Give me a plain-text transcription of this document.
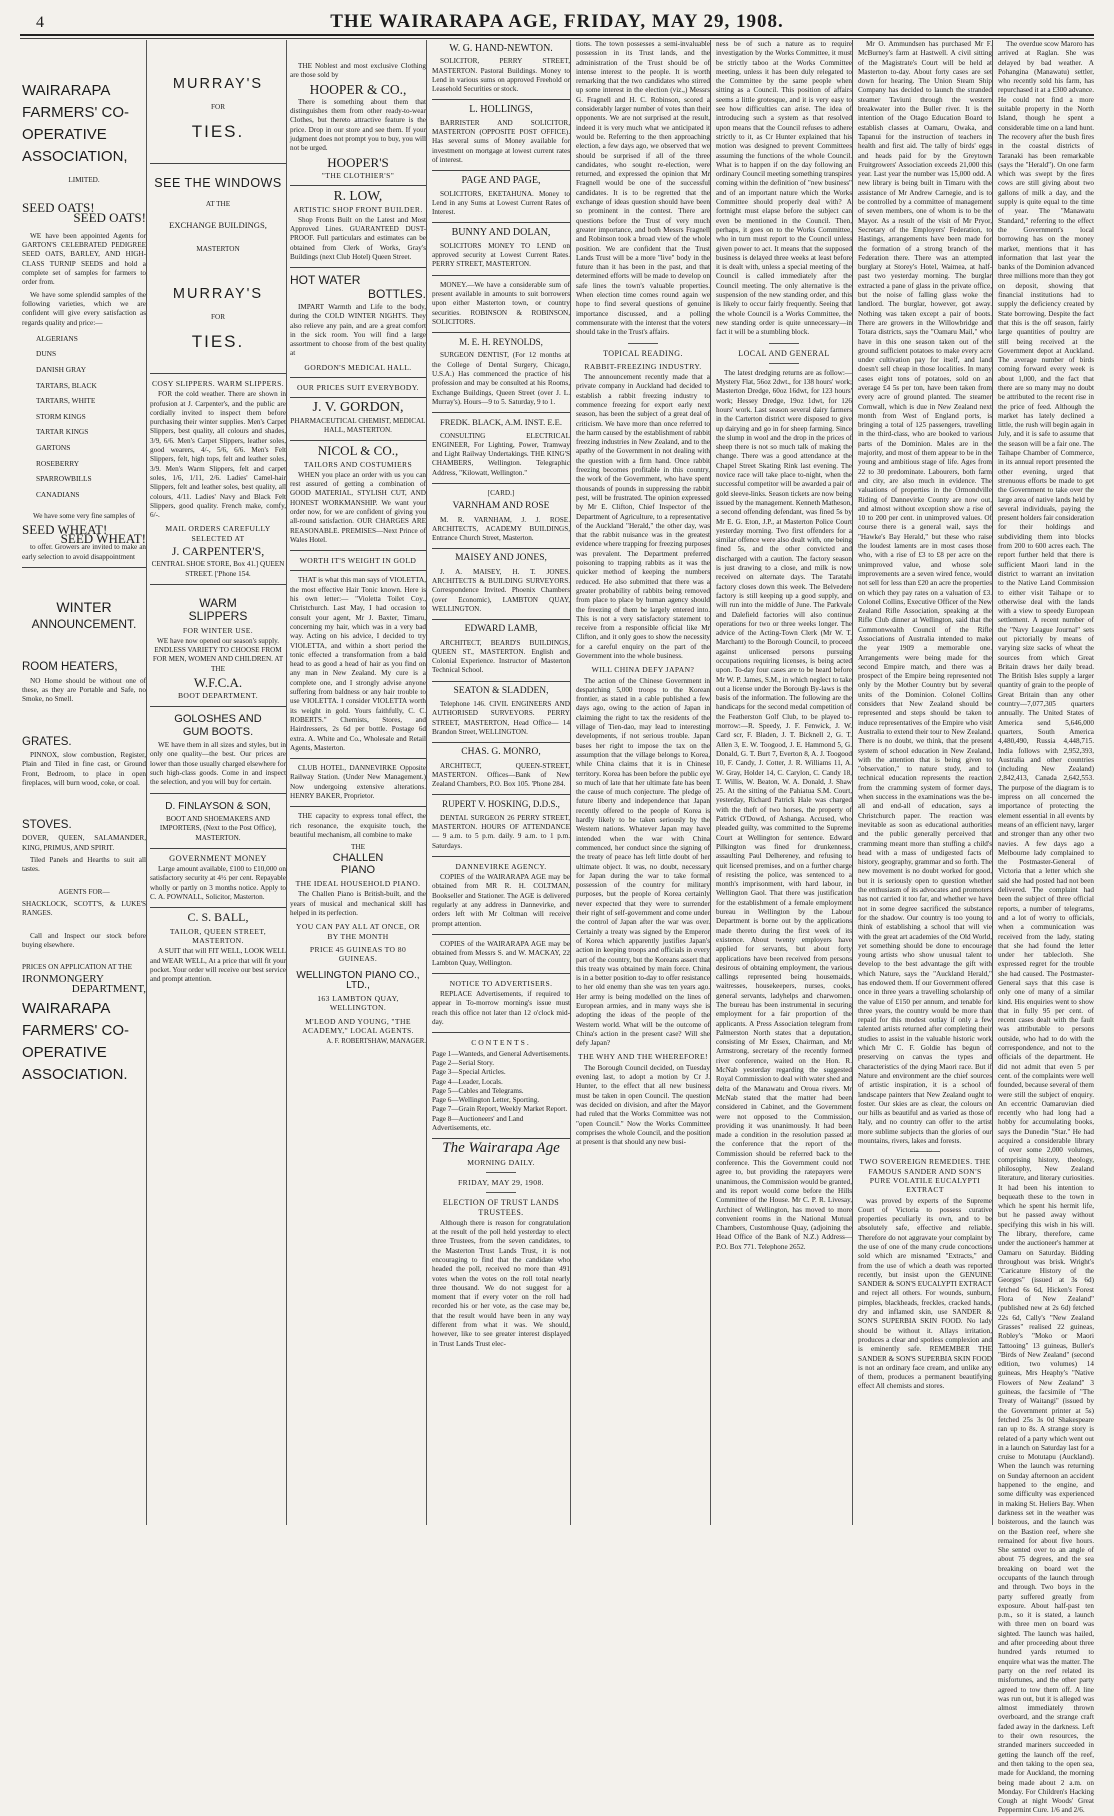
4	THE WAIRARAPA AGE, FRIDAY, MAY 29, 1908.
WAIRARAPA FARMERS' CO-OPERATIVE ASSOCIATION,
LIMITED.
SEED OATS!
SEED OATS!

WE have been appointed Agents for GARTON'S CELEBRATED PEDIGREE SEED OATS, BARLEY, AND HIGH-CLASS TURNIP SEEDS and hold a complete set of samples for farmers to order from.

We have some splendid samples of the following varieties, which we are confident will give every satisfaction as regards quality and price:—

ALGERIANS
DUNS
DANISH GRAY
TARTARS, BLACK
TARTARS, WHITE
STORM KINGS
TARTAR KINGS
GARTONS
ROSEBERRY
SPARROWBILLS
CANADIANS

We have some very fine samples of

SEED WHEAT!
SEED WHEAT!

to offer. Growers are invited to make an early selection to avoid disappointment

WINTER
ANNOUNCEMENT.
ROOM HEATERS,

NO Home should be without one of these, as they are Portable and Safe, no Smoke, no Smell.

GRATES.

PINNOX, slow combustion, Register, Plain and Tiled in fine cast, or Ground Front, Bedroom, to place in open fireplaces, will burn wood, coke, or coal.

STOVES.

DOVER, QUEEN, SALAMANDER, KING, PRIMUS, AND SPIRIT.

Tiled Panels and Hearths to suit all tastes.

AGENTS FOR—

SHACKLOCK, SCOTT'S, & LUKE'S RANGES.

Call and Inspect our stock before buying elsewhere.

PRICES ON APPLICATION AT THE

IRONMONGERY
DEPARTMENT,
WAIRARAPA FARMERS' CO-OPERATIVE ASSOCIATION.
MURRAY'S
FOR
TIES.
SEE THE WINDOWS
AT THE
EXCHANGE BUILDINGS,
MASTERTON
MURRAY'S
FOR
TIES.
COSY SLIPPERS. WARM SLIPPERS.

FOR the cold weather. There are shown in profusion at J. Carpenter's, and the public are cordially invited to inspect them before purchasing their winter supplies. Men's Carpet Slippers, best quality, all colours and shades, 3/9, 6/6. Men's Carpet Slippers, leather soles, good wearers, 4/-, 5/6, 6/6. Men's Felt Slippers, felt, high tops, felt and leather soles, 3/9. Men's Warm Slippers, felt and carpet soles, 1/6, 1/11, 2/6. Ladies' Camel-hair Slippers, felt and leather soles, best quality, all colours, 4/11. Ladies' Navy and Black Felt Slippers, good quality. French make, comfy, 6/-.

MAIL ORDERS CAREFULLY SELECTED AT
J. CARPENTER'S,

CENTRAL SHOE STORE, Box 41.] QUEEN STREET. ['Phone 154.

WARM
SLIPPERS
FOR WINTER USE.

WE have now opened our season's supply. ENDLESS VARIETY TO CHOOSE FROM FOR MEN, WOMEN AND CHILDREN. AT THE

W.F.C.A.
BOOT DEPARTMENT.
GOLOSHES AND
GUM BOOTS.

WE have them in all sizes and styles, but in only one quality—the best. Our prices are lower than those usually charged elsewhere for such high-class goods. Come in and inspect the selection, and you will buy for certain.

D. FINLAYSON & SON,

BOOT AND SHOEMAKERS AND IMPORTERS, (Next to the Post Office), MASTERTON.

GOVERNMENT MONEY

Large amount available, £100 to £10,000 on satisfactory security at 4½ per cent. Repayable wholly or partly on 3 months notice. Apply to C. A. POWNALL, Solicitor, Masterton.

C. S. BALL,
TAILOR, QUEEN STREET, MASTERTON.

A SUIT that will FIT WELL, LOOK WELL and WEAR WELL, At a price that will fit your pocket. Your order will receive our best service and prompt attention.

THE Noblest and most exclusive Clothing are those sold by

HOOPER & CO.,

There is something about them that distinguishes them from other ready-to-wear Clothes, but thereto attractive feature is the price. Drop in our store and see them. If your judgment does not prompt you to buy, you will not be urged.

HOOPER'S
"THE CLOTHIER'S"
R. LOW,
ARTISTIC SHOP FRONT BUILDER.

Shop Fronts Built on the Latest and Most Approved Lines. GUARANTEED DUST-PROOF. Full particulars and estimates can be obtained from Clerk of Works, Gray's Buildings (next Club Hotel) Queen Street.

HOT WATER
BOTTLES.

IMPART Warmth and Life to the body, during the COLD WINTER NIGHTS. They also relieve any pain, and are a great comfort in the sick room. You will find a large assortment to choose from of the best quality at

GORDON'S MEDICAL HALL.
OUR PRICES SUIT EVERYBODY.
J. V. GORDON,

PHARMACEUTICAL CHEMIST, MEDICAL HALL, MASTERTON.

NICOL & CO.,
TAILORS AND COSTUMIERS

WHEN you place an order with us you can rest assured of getting a combination of GOOD MATERIAL, STYLISH CUT, AND HONEST WORKMANSHIP. We want your order now, for we are confident of giving you all-round satisfaction. OUR CHARGES ARE REASONABLE. PREMISES—Next Prince of Wales Hotel.

WORTH IT'S WEIGHT IN GOLD

THAT is what this man says of VIOLETTA, the most effective Hair Tonic known. Here is his own letter:— "Violetta Toilet Coy., Christchurch. Last May, I had occasion to consult your agent, Mr J. Baxter, Timaru, concerning my hair, which was in a very bad way. Acting on his advice, I decided to try VIOLETTA, and within a short period the tonic effected a transformation from a bald head to as good a head of hair as you find on any man in New Zealand. My cure is a complete one, and I strongly advise anyone suffering from baldness or any hair trouble to use VIOLETTA. I consider VIOLETTA worth its weight in gold. Yours faithfully, C. C. ROBERTS." Chemists, Stores, and Hairdressers, 2s 6d per bottle. Postage 6d extra. A. White and Co., Wholesale and Retail Agents, Masterton.

CLUB HOTEL, DANNEVIRKE Opposite Railway Station. (Under New Management.) Now undergoing extensive alterations. HENRY BAKER, Proprietor.

THE capacity to express tonal effect, the rich resonance, the exquisite touch, the beautiful mechanism, all combine to make

THE
CHALLEN
PIANO
THE IDEAL HOUSEHOLD PIANO.

The Challen Piano is British-built, and the years of musical and mechanical skill has helped in its perfection.

YOU CAN PAY ALL AT ONCE, OR BY THE MONTH
PRICE 45 GUINEAS TO 80 GUINEAS.
WELLINGTON PIANO CO., LTD.,
163 LAMBTON QUAY, WELLINGTON.
M'LEOD AND YOUNG, "THE ACADEMY," LOCAL AGENTS.
A. F. ROBERTSHAW, MANAGER.
W. G. HAND-NEWTON.

SOLICITOR, PERRY STREET, MASTERTON. Pastoral Buildings. Money to Lend in various sums on approved Freehold or Leasehold Securities or stock.

L. HOLLINGS,

BARRISTER AND SOLICITOR, MASTERTON (OPPOSITE POST OFFICE). Has several sums of Money available for investment on mortgage at lowest current rates of interest.

PAGE AND PAGE,

SOLICITORS, EKETAHUNA. Money to Lend in any Sums at Lowest Current Rates of Interest.

BUNNY AND DOLAN,

SOLICITORS MONEY TO LEND on approved security at Lowest Current Rates. PERRY STREET, MASTERTON.

MONEY.—We have a considerable sum of present available in amounts to suit borrowers upon either Masterton town, or country securities. ROBINSON & ROBINSON, SOLICITORS.

M. E. H. REYNOLDS,

SURGEON DENTIST, (For 12 months at the College of Dental Surgery, Chicago, U.S.A.) Has commenced the practice of his profession and may be consulted at his Rooms, Exchange Buildings, Queen Street (over J. L. Murray's). Hours—9 to 5. Saturday, 9 to 1.

FREDK. BLACK, A.M. INST. E.E.

CONSULTING ELECTRICAL ENGINEER, For Lighting, Power, Tramway and Light Railway Undertakings. THE KING'S CHAMBERS, Wellington. Telegraphic Address, "Kilowatt, Wellington."

[CARD.]
VARNHAM AND ROSE

M. R. VARNHAM, J. J. ROSE. ARCHITECTS, ACADEMY BUILDINGS, Entrance Church Street, Masterton.

MAISEY AND JONES,

J. A. MAISEY, H. T. JONES. ARCHITECTS & BUILDING SURVEYORS. Correspondence Invited. Phoenix Chambers (over Economic), LAMBTON QUAY, WELLINGTON.

EDWARD LAMB,

ARCHITECT, BEARD'S BUILDINGS, QUEEN ST., MASTERTON. English and Colonial Experience. Instructor of Masterton Technical School.

SEATON & SLADDEN,

Telephone 146. CIVIL ENGINEERS AND AUTHORISED SURVEYORS. PERRY STREET, MASTERTON, Head Office— 14 Brandon Street, WELLINGTON.

CHAS. G. MONRO,

ARCHITECT, QUEEN-STREET, MASTERTON. Offices—Bank of New Zealand Chambers, P.O. Box 105. 'Phone 284.

RUPERT V. HOSKING, D.D.S.,

DENTAL SURGEON 26 PERRY STREET, MASTERTON. HOURS OF ATTENDANCE— 9 a.m. to 5 p.m. daily. 9 a.m. to 1 p.m. Saturdays.

DANNEVIRKE AGENCY.

COPIES of the WAIRARAPA AGE may be obtained from MR R. H. COLTMAN, Bookseller and Stationer. The AGE is delivered regularly at any address in Dannevirke, and orders left with Mr Coltman will receive prompt attention.

COPIES of the WAIRARAPA AGE may be obtained from Messrs S. and W. MACKAY, 22 Lambton Quay, Wellington.

NOTICE TO ADVERTISERS.

REPLACE Advertisements, if required to appear in To-morrow morning's issue must reach this office not later than 12 o'clock mid-day.

CONTENTS.
Page 1—Wanteds, and General Advertisements.
Page 2—Serial Story.
Page 3—Special Articles.
Page 4—Leader, Locals.
Page 5—Cables and Telegrams.
Page 6—Wellington Letter, Sporting.
Page 7—Grain Report, Weekly Market Report.
Page 8—Auctioneers' and Land Advertisements, etc.
The Wairarapa Age
MORNING DAILY.
FRIDAY, MAY 29, 1908.
ELECTION OF TRUST LANDS TRUSTEES.

Although there is reason for congratulation at the result of the poll held yesterday to elect three Trustees, from the seven candidates, to the Masterton Trust Lands Trust, it is not encouraging to find that the candidate who headed the poll, received no more than 491 votes when the votes on the roll total nearly three thousand. We do not suggest for a moment that if every voter on the roll had recorded his or her vote, as the case may be, that the result would have been in any way different from what it was. We should, however, like to see greater interest displayed in Trust Lands Trust elec-

tions. The town possesses a semi-invaluable possession in its Trust lands, and the administration of the Trust should be of intense interest to the people. It is worth remarking that the two candidates who stirred up some interest in the election (viz.,) Messrs G. Fragnell and H. C. Robinson, scored a considerably larger number of votes than their opponents. We are not surprised at the result, indeed it is very much what we anticipated it would be. Referring to the then approaching election, a few days ago, we observed that we should be surprised if all of the three candidates, who sought re-election, were returned, and expressed the opinion that Mr Fragnell would be one of the successful candidates. It is to be regretted that the exchange of ideas question should have been so prominent in the contest. There are questions before the Trust of very much greater importance, and both Messrs Fragnell and Robinson took a broad view of the whole position. We are confident that the Trust Lands Trust will be a more "live" body in the future than it has been in the past, and that determined efforts will be made to develop on safe lines the town's valuable properties. When election time comes round again we hope to find several questions of genuine importance discussed, and a polling commensurate with the interest that the voters should take in the Trust's affairs.

TOPICAL READING.
RABBIT-FREEZING INDUSTRY.

The announcement recently made that a private company in Auckland had decided to establish a rabbit freezing industry to commence freezing for export early next season, has been the subject of a great deal of criticism. We have more than once referred to the harm caused by the establishment of rabbit freezing industries in New Zealand, and to the apathy of the Government in not dealing with the question with a firm hand. Once rabbit freezing becomes profitable in this country, the work of the Government, who have spent thousands of pounds in suppressing the rabbit pest, will be frustrated. The opinion expressed by Mr E. Clifton, Chief Inspector of the Department of Agriculture, to a representative of the Auckland "Herald," the other day, was that the rabbit nuisance was in the greatest evidence where trapping for freezing purposes was prevalent. The Department preferred poisoning to trapping rabbits as it was the quicker method of keeping the numbers reduced. He also submitted that there was a greater probability of rabbits being removed from place to place by human agency should the freezing of them be largely entered into. This is not a very satisfactory statement to receive from a responsible official like Mr Clifton, and it only goes to show the necessity for a careful enquiry on the part of the Government into the whole business.

WILL CHINA DEFY JAPAN?

The action of the Chinese Government in despatching 5,000 troops to the Korean frontier, as stated in a cable published a few days ago, owing to the action of Japan in claiming the right to tax the residents of the village of Tien-dao, may lead to interesting developments, if not serious trouble. Japan bases her right to impose the tax on the assumption that the village belongs to Korea, while China claims that it is in Chinese territory. Korea has been before the public eye so much of late that her ultimate fate has been the cause of much conjecture. The pledge of future liberty and independence that Japan recently offered to the people of Korea is hardly likely to be taken seriously by the Western nations. Whatever Japan may have intended when the war with China commenced, her conduct since the signing of the treaty of peace has left little doubt of her ultimate object. It was, no doubt, necessary for Japan during the war to take formal possession of the country for military purposes, but the people of Korea certainly never expected that they were to surrender their right of self-government and come under the control of Japan after the war was over. Certainly a treaty was signed by the Emperor of Korea which apparently justifies Japan's action in keeping troops and officials in every part of the country, but the Koreans assert that this treaty was obtained by main force. China is in a better position to-day to offer resistance to her old enemy than she was ten years ago. Her army is being modelled on the lines of European armies, and in many ways she is adopting the ideas of the people of the Western world. What will be the outcome of China's action in the present case? Will she defy Japan?

THE WHY AND THE WHEREFORE!

The Borough Council decided, on Tuesday evening last, to adopt a motion by Cr J. Hunter, to the effect that all new business must be taken in open Council. The question was decided on division, and after the Mayor had ruled that the Works Committee was not "open Council." Now the Works Committee comprises the whole Council, and the position at present is that should any new busi-

ness be of such a nature as to require investigation by the Works Committee, it must be strictly taboo at the Works Committee meeting, unless it has been duly relegated to the Committee by the same people when sitting as a Council. This position of affairs seems a little grotesque, and it is very easy to see how difficulties can arise. The idea of introducing such a system as that resolved upon means that the Council refuses to adhere strictly to it, as Cr Hunter explained that his motion was designed to prevent Committees assuming the functions of the whole Council. What is to happen if on the day following an ordinary Council meeting something transpires coming within the definition of "new business" and of an important nature which the Works Committee should properly deal with? A fortnight must elapse before the subject can even be mentioned in the Council. Then, perhaps, it goes on to the Works Committee, who in turn must report to the Council unless given power to act. It means that the supposed business is delayed three weeks at least before it is dealt with, unless a special meeting of the Council is called immediately after the Council meeting. The only alternative is the suspension of the new standing order, and this is likely to occur fairly frequently. Seeing that the whole Council is a Works Committee, the new standing order is quite unnecessary—in fact it will be a stumbling block.

LOCAL AND GENERAL

The latest dredging returns are as follow:—Mystery Flat, 56oz 2dwt., for 138 hours' work; Masterton Dredge, 60oz 16dwt, for 123 hours' work; Hessey Dredge, 19oz 1dwt, for 126 hours' work. Last season several dairy farmers in the Carterton district were disposed to give up dairying and go in for sheep farming. Since the slump in wool and the drop in the prices of sheep there is not so much talk of making the change. There was a good attendance at the Chapel Street Skating Rink last evening. The novice race will take place to-night, when the successful competitor will be awarded a pair of gold sleeve-links. Season tickets are now being issued by the management. Kenneth Matheson, a second offending defendant, was fined 5s by Mr E. G. Eton, J.P., at Masterton Police Court yesterday morning. Two first offenders for a similar offence were also dealt with, one being fined 5s, and the other convicted and discharged with a caution. The factory season is just drawing to a close, and milk is now received on alternate days. The Taratahi factory closes down this week. The Belvedere factory is still keeping up a good supply, and will run into the middle of June. The Parkvale and Dalefield factories will also continue operations for two or three weeks longer. The advice of the Acting-Town Clerk (Mr W. T. Marchant) to the Borough Council, to proceed against unlicensed persons pursuing occupations requiring licenses, is being acted upon. To-day four cases are to be heard before Mr W. P. James, S.M., in which neglect to take out a license under the Borough By-laws is the basis of the information. The following are the handicaps for the second medal competition of the Featherston Golf Club, to be played to-morrow:—R. Speedy, J. F. Fenwick, J. W. Card scr, F. Bladen, J. T. Bicknell 2, G. T. Allen 3, E. W. Toogood, J. E. Hammond 5, G. Donald, G. T. Burt 7, Everton 8, A. J. Toogood 10, F. Candy, J. Cotter, J. R. Williams 11, A. W. Gray, Holder 14, C. Carylon, C. Candy 18, T. Willis, W. Beaton, W. A. Donald, J. Shaw 25. At the sitting of the Pahiatua S.M. Court, yesterday, Richard Patrick Hale was charged with the theft of two horses, the property of Patrick O'Dowd, of Ashanga. Accused, who pleaded guilty, was committed to the Supreme Court at Wellington for sentence. Edward Pilkington was fined for drunkenness, assaulting Paul Delhereney, and refusing to quit licensed premises, and on a further charge of resisting the police, was sentenced to a month's imprisonment, with hard labour, in Wellington Gaol. That there was justification for the establishment of a female employment bureau in Wellington by the Labour Department is borne out by the applications made thereto during the first week of its existence. About twenty employers have applied for servants, but about forty applications have been received from persons desirous of obtaining employment, the various callings represented being housemaids, waitresses, housekeepers, nurses, cooks, general servants, ladyhelps and charwomen. The bureau has been instrumental in securing employment for a fair proportion of the applicants. A Press Association telegram from Palmerston North states that a deputation, consisting of Mr Essex, Chairman, and Mr Armstrong, secretary of the recently formed river conference, waited on the Hon. R. McNab yesterday regarding the suggested Royal Commission to deal with water shed and delta of the Manawatu and Oroua rivers. Mr McNab stated that the matter had been considered in Cabinet, and the Government were not opposed to the Commission, providing it was unanimously. It had been made a condition in the resolution passed at the conference that the report of the Commission should be referred back to the conference. This the Government could not agree to, but providing the ratepayers were unanimous, the Commission would be granted, and its report would come before the Hills Committee of the House. Mr C. P. R. Livesay, Architect of Wellington, has moved to more convenient rooms in the National Mutual Chambers, Customhouse Quay, (adjoining the Head Office of the Bank of N.Z.) Address—P.O. Box 771. Telephone 2652.

Mr O. Ammundsen has purchased Mr F. McBurney's farm at Hastwell. A civil sitting of the Magistrate's Court will be held at Masterton to-day. About forty cases are set down for hearing. The Union Steam Ship Company has decided to launch the stranded steamer Taviuni through the western breakwater into the Buller river. It is the intention of the Otago Education Board to establish classes at Oamaru, Owaka, and Tapanui for the instruction of teachers in health and first aid. The tally of birds' eggs and heads paid for by the Greytown Fruitgrowers' Association exceeds 21,000 this year. Last year the number was 15,000 odd. A new library is being built in Timaru with the assistance of Mr Andrew Carnegie, and is to be controlled by a committee of management of seven members, one of whom is to be the Mayor. As a result of the visit of Mr Pryor, Secretary of the Employers' Federation, to Hastings, arrangements have been made for the formation of a strong branch of the Federation there. There was an attempted burglary at Storey's Hotel, Waimea, at half-past two yesterday morning. The burglar extracted a pane of glass in the private office, but the noise of falling glass woke the landlord. The burglar, however, got away. Nothing was taken except a pair of boots. There are growers in the Willowbridge and Totara districts, says the "Oamaru Mail," who have in this one season taken out of the ground sufficient potatoes to make every acre under cultivation pay for itself, and land doesn't sell cheap in those localities. In many cases eight tons of potatoes, sold on an average £4 5s per ton, have been taken from every acre of ground planted. The steamer Cornwall, which is due in New Zealand next month from West of England ports, is bringing a total of 125 passengers, travelling in the third-class, who are booked to various parts of the Dominion. Males are in the majority, and most of them appear to be in the young and ambitious stage of life. Ages from 22 to 30 predominate. Labourers, both farm and city, are also much in evidence. The valuations of properties in the Ormondville Riding of Dannevirke County are now out, and almost without exception show a rise of 10 to 200 per cent. in unimproved values. Of course there is a general wail, says the "Hawke's Bay Herald," but these who raise the loudest laments are in most cases those who, with a rise of £3 to £8 per acre on the unimproved value, and whose sole improvements are a seven wired fence, would not sell for less than £20 an acre the properties on which they pay rates on a valuation of £3. Colonel Collins, Executive Officer of the New Zealand Rifle Association, speaking at the Rifle Club dinner at Wellington, said that the Commonwealth Council of the Rifle Associations of Australia intended to make the year 1909 a memorable one. Arrangements were being made for the second Empire match, and there was a prospect of the Empire being represented not only by the Mother Country but by several units of the Dominion. Colonel Collins considers that New Zealand should be represented and steps should be taken to induce representatives of the Empire who visit Australia to extend their tour to New Zealand. There is no doubt, we think, that the present system of school education in New Zealand, with the attention that is being given to "observation," to nature study, and to technical education represents the reaction from the cramming system of former days, when success in the examinations was the be-all and end-all of education, says a Christchurch paper. The reaction was inevitable as soon as educational authorities and the public generally perceived that cramming meant more than stuffing a child's head with a mass of undigested facts of history, geography, grammar and so forth. The new movement is no doubt worked for good, but it is seriously open to question whether the enthusiasm of its advocates and promoters has not carried it too far, and whether we have not in some degree sacrificed the substance for the shadow. Our country is too young to think of establishing a school that will vie with the great art academies of the Old World, yet something should be done to encourage young artists who show unusual talent to develop to the best advantage the gift with which Nature, says the "Auckland Herald," has endowed them. If our Government offered once in three years a travelling scholarship of the value of £150 per annum, and tenable for three years, the country would be more than repaid for this modest outlay if only a few talented artists returned after completing their studies to assist in the valuable historic work which Mr C. F. Goldie has begun of preserving on canvas the types and characteristics of the dying Maori race. But if Nature and environment are the chief sources of artistic inspiration, it is a school of landscape painters that New Zealand ought to foster. Our skies are as clear, the colours on our hills as beautiful and as varied as those of Italy, and no country can offer to the artist more sublime subjects than the glories of our mountains, rivers, lakes and forests.

TWO SOVEREIGN REMEDIES. THE FAMOUS SANDER AND SON'S PURE VOLATILE EUCALYPTI EXTRACT

was proved by experts of the Supreme Court of Victoria to possess curative properties peculiarly its own, and to be absolutely safe, effective and reliable. Therefore do not aggravate your complaint by the use of one of the many crude concoctions sold which are misnamed "Extracts," and from the use of which a death was reported recently, but insist upon the GENUINE SANDER & SON'S EUCALYPTI EXTRACT and reject all others. For wounds, sunburn, pimples, blackheads, freckles, cracked hands, dry and inflamed skin, use SANDER & SON'S SUPERBIA SKIN FOOD. No lady should be without it. Allays irritation, produces a clear and spotless complexion and is eminently safe. REMEMBER THE SANDER & SON'S SUPERBIA SKIN FOOD is not an ordinary face cream, and unlike any of them, produces a permanent beautifying effect All chemists and stores.

The overdue scow Maroro has arrived at Raglan. She was delayed by bad weather. A Pohangina (Manawatu) settler, who recently sold his farm, has repurchased it at a £300 advance. He could not find a more suitable property in the North Island, though he spent a considerable time on a land hunt. The recovery after the bush fires in the coastal districts of Taranaki has been remarkable (says the "Herald"). On one farm which was swept by the fires cows are still giving about two gallons of milk a day, and the supply is quite equal to the time of year. The "Manawatu Standard," referring to the effect the Government's local borrowing has on the money market, mentions that it has information that last year the banks of the Dominion advanced three millions more than they got on deposit, showing that financial institutions had to supply the deficiency created by State borrowing. Despite the fact that this is the off season, fairly large quantities of poultry are still being received at the Government depot at Auckland. The average number of birds coming forward every week is about 1,000, and the fact that there are so many may no doubt be attributed to the recent rise in the price of feed. Although the market has lately declined a little, the rush will begin again in July, and it is safe to assume that the season will be a fair one. The Taihape Chamber of Commerce, in its annual report presented the other evening, urged that strenuous efforts be made to get the Government to take over the large area of native lands held by several individuals, paying the present holders fair consideration for their holdings and subdividing them into blocks from 200 to 600 acres each. The report further held that there is sufficient Maori land in the district to warrant an invitation to the Native Land Commission to either visit Taihape or to otherwise deal with the lands with a view to speedy European settlement. A recent number of the "Navy League Journal" sets out pictorially by means of varying size sacks of wheat the sources from which Great Britain draws her daily bread. The British Isles supply a larger quantity of grain to the people of Great Britain than any other country—7,077,305 quarters annually. The United States of America send 5,646,000 quarters, South America 4,480,490, Russia 4,448,715. India follows with 2,952,393, Australia and other countries (including New Zealand) 2,842,413, Canada 2,642,553. The purpose of the diagram is to impress on all concerned the importance of protecting the element essential in all events by means of an efficient navy, larger and stronger than any other two navies. A few days ago a Melbourne lady complained to the Postmaster-General of Victoria that a letter which she said she had posted had not been delivered. The complaint had been the subject of three official reports, a number of telegrams, and a lot of worry to officials, when a communication was received from the lady, stating that she had found the letter under her tablecloth. She expressed regret for the trouble she had caused. The Postmaster-General says that this case is only one of many of a similar kind. His enquiries went to show that in fully 95 per cent. of recent cases dealt with the fault was attributable to persons outside, who had to do with the correspondence, and not to the officials of the department. He did not admit that even 5 per cent. of the complaints were well founded, because several of them were still the subject of enquiry. An eccentric Oamaruvian died recently who had long had a hobby for accumulating books, says the Dunedin "Star." He had acquired a considerable library of over some 2,000 volumes, comprising history, theology, philosophy, New Zealand literature, and literary curiosities. It had been his intention to bequeath these to the town in which he spent his hermit life, but he passed away without specifying this wish in his will. The library, therefore, came under the auctioneer's hammer at Oamaru on Saturday. Bidding throughout was brisk. Wright's "Caricature History of the Georges" (issued at 3s 6d) fetched 6s 6d, Hicken's Forest Flora of New Zealand" (published new at 2s 6d) fetched 22s 6d, Cally's "New Zealand Grasses" realised 22 guineas, Robley's "Moko or Maori Tattooing" 13 guineas, Buller's "Birds of New Zealand" (second edition, two volumes) 14 guineas, Mrs Heaphy's "Native Flowers of New Zealand" 3 guineas, the facsimile of "The Treaty of Waitangi" (issued by the Government printer at 5s) fetched 25s 3s 0d Shakespeare ran up to 8s. A strange story is related of a party which went out in a launch on Saturday last for a cruise to Motutapu (Auckland). When the launch was returning on Sunday afternoon an accident happened to the engine, and some difficulty was experienced in making St. Heliers Bay. When darkness set in the weather was boisterous, and the launch was on the Bastion reef, where she remained for about five hours. She sented over to an angle of about 75 degrees, and the sea breaking on board wet the occupants of the launch through and through. Two boys in the party suffered greatly from exposure. About half-past ten p.m., so it is stated, a launch with three men on board was sighted. The launch was hailed, and after proceeding about three hundred yards returned to enquire what was the matter. The party on the reef related its misfortunes, and the other party agreed to tow them off. A line was run out, but it is alleged was almost immediately thrown overboard, and the strange craft faded away in the darkness. Left to their own resources, the stranded mariners succeeded in getting the launch off the reef, and then taking to the open sea, made for Auckland, the morning being made about 2 a.m. on Monday. For Children's Hacking Cough at night Woods' Great Peppermint Cure. 1/6 and 2/6.
